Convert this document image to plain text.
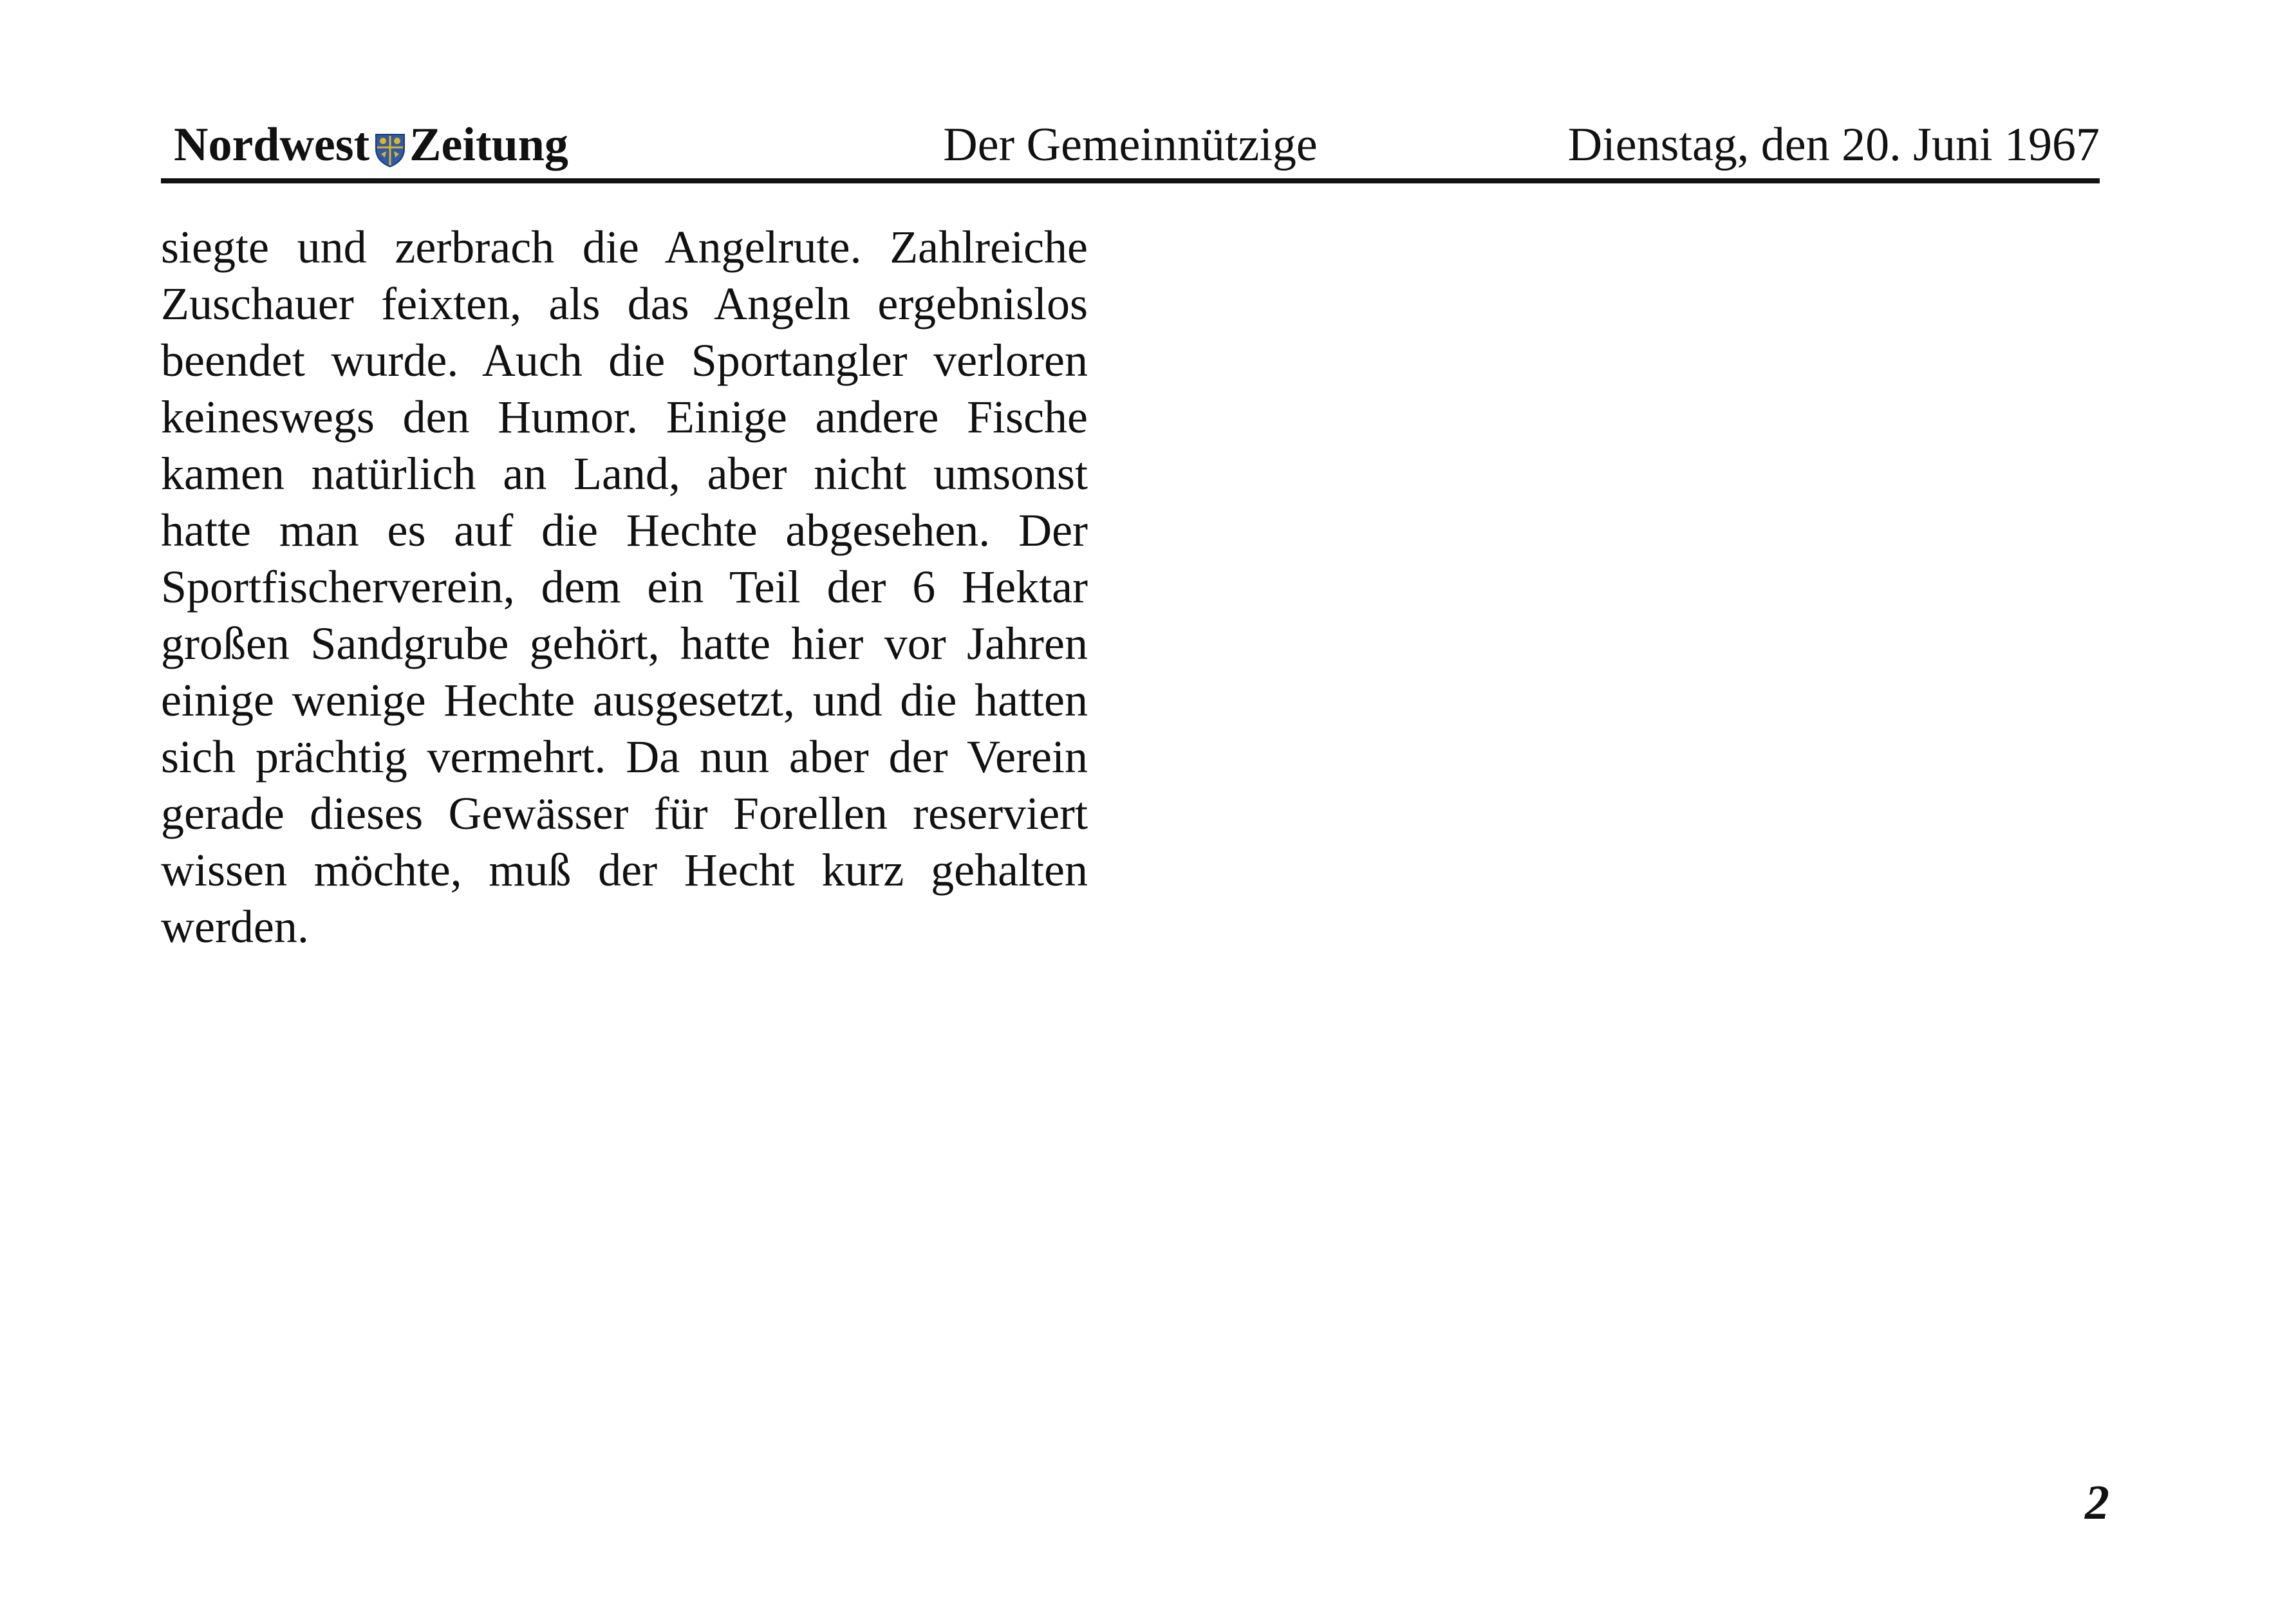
Nordwest Zeitung	Der Gemeinnützige	Dienstag, den 20. Juni 1967
siegte und zerbrach die Angelrute. Zahlreiche Zuschauer feixten, als das Angeln ergebnislos beendet wurde. Auch die Sportangler verloren keineswegs den Humor. Einige andere Fische kamen natürlich an Land, aber nicht umsonst hatte man es auf die Hechte abgesehen. Der Sportfischerverein, dem ein Teil der 6 Hektar großen Sandgrube gehört, hatte hier vor Jahren einige wenige Hechte ausgesetzt, und die hatten sich prächtig vermehrt. Da nun aber der Verein gerade dieses Gewässer für Forellen reserviert wissen möchte, muß der Hecht kurz gehalten werden.
2
